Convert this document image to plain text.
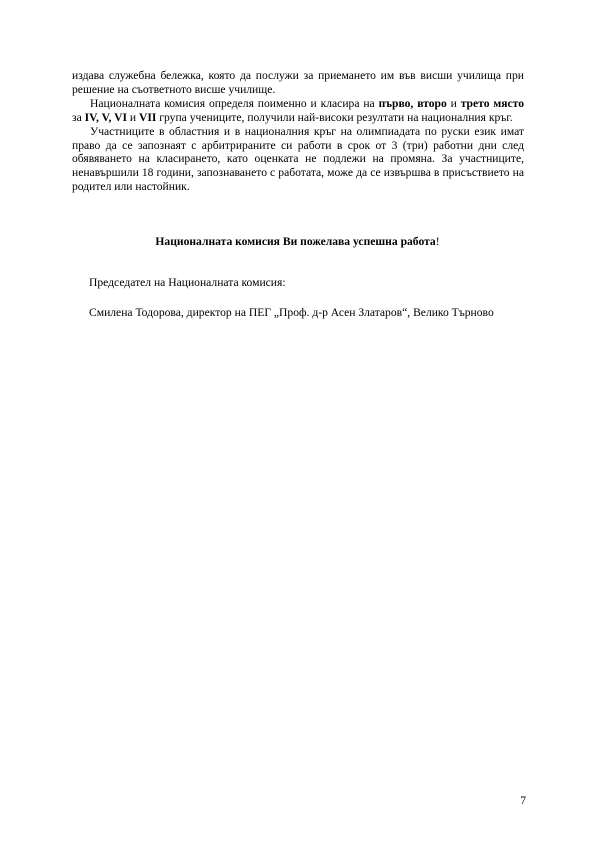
издава служебна бележка, която да послужи за приемането им във висши училища при решение на съответното висше училище.

Националната комисия определя поименно и класира на първо, второ и трето място за IV, V, VI и VII група учениците, получили най-високи резултати на националния кръг.

Участниците в областния и в националния кръг на олимпиадата по руски език имат право да се запознаят с арбитрираните си работи в срок от 3 (три) работни дни след обявяването на класирането, като оценката не подлежи на промяна. За участниците, ненавършили 18 години, запознаването с работата, може да се извършва в присъствието на родител или настойник.

Националната комисия Ви пожелава успешна работа!
Председател на Националната комисия:
Смилена Тодорова, директор на ПЕГ „Проф. д-р Асен Златаров“, Велико Търново
7
